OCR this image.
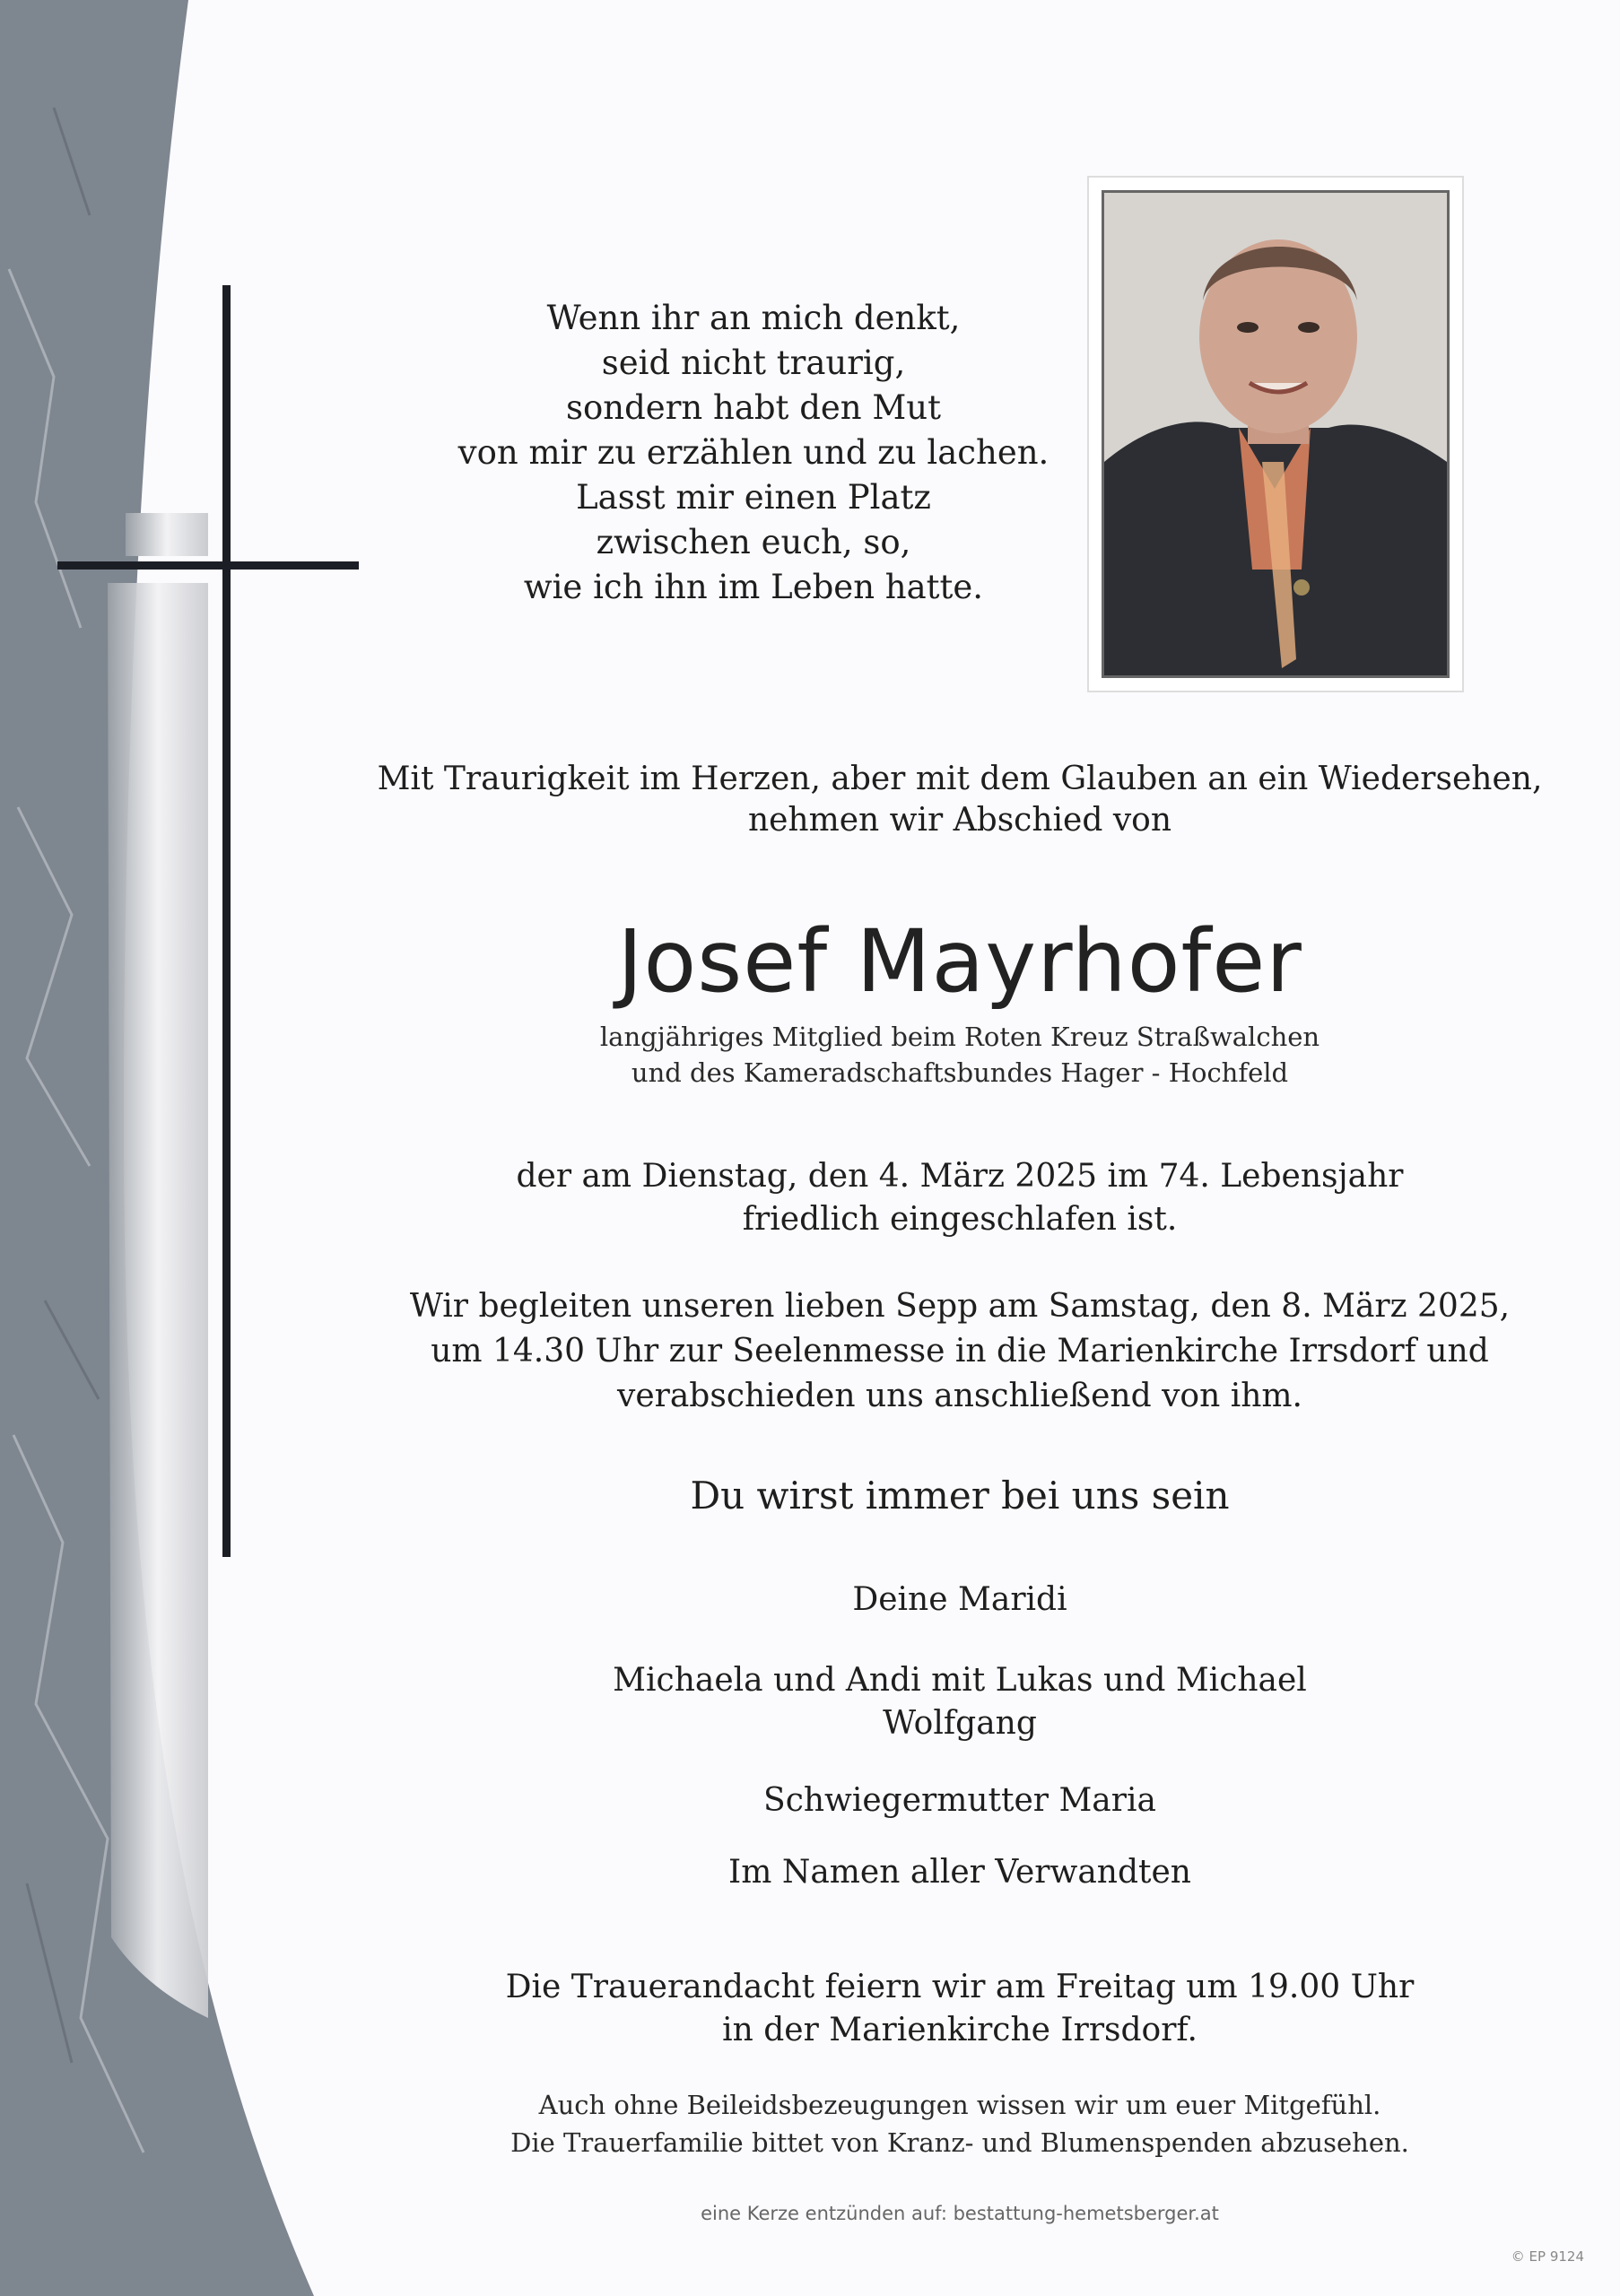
Wenn ihr an mich denkt,
seid nicht traurig,
sondern habt den Mut
von mir zu erzählen und zu lachen.
Lasst mir einen Platz
zwischen euch, so,
wie ich ihn im Leben hatte.
Mit Traurigkeit im Herzen, aber mit dem Glauben an ein Wiedersehen,
nehmen wir Abschied von
Josef Mayrhofer
langjähriges Mitglied beim Roten Kreuz Straßwalchen
und des Kameradschaftsbundes Hager - Hochfeld
der am Dienstag, den 4. März 2025 im 74. Lebensjahr
friedlich eingeschlafen ist.
Wir begleiten unseren lieben Sepp am Samstag, den 8. März 2025,
um 14.30 Uhr zur Seelenmesse in die Marienkirche Irrsdorf und
verabschieden uns anschließend von ihm.
Du wirst immer bei uns sein
Deine Maridi
Michaela und Andi mit Lukas und Michael
Wolfgang
Schwiegermutter Maria
Im Namen aller Verwandten
Die Trauerandacht feiern wir am Freitag um 19.00 Uhr
in der Marienkirche Irrsdorf.
Auch ohne Beileidsbezeugungen wissen wir um euer Mitgefühl.
Die Trauerfamilie bittet von Kranz- und Blumenspenden abzusehen.
eine Kerze entzünden auf: bestattung-hemetsberger.at
© EP 9124
